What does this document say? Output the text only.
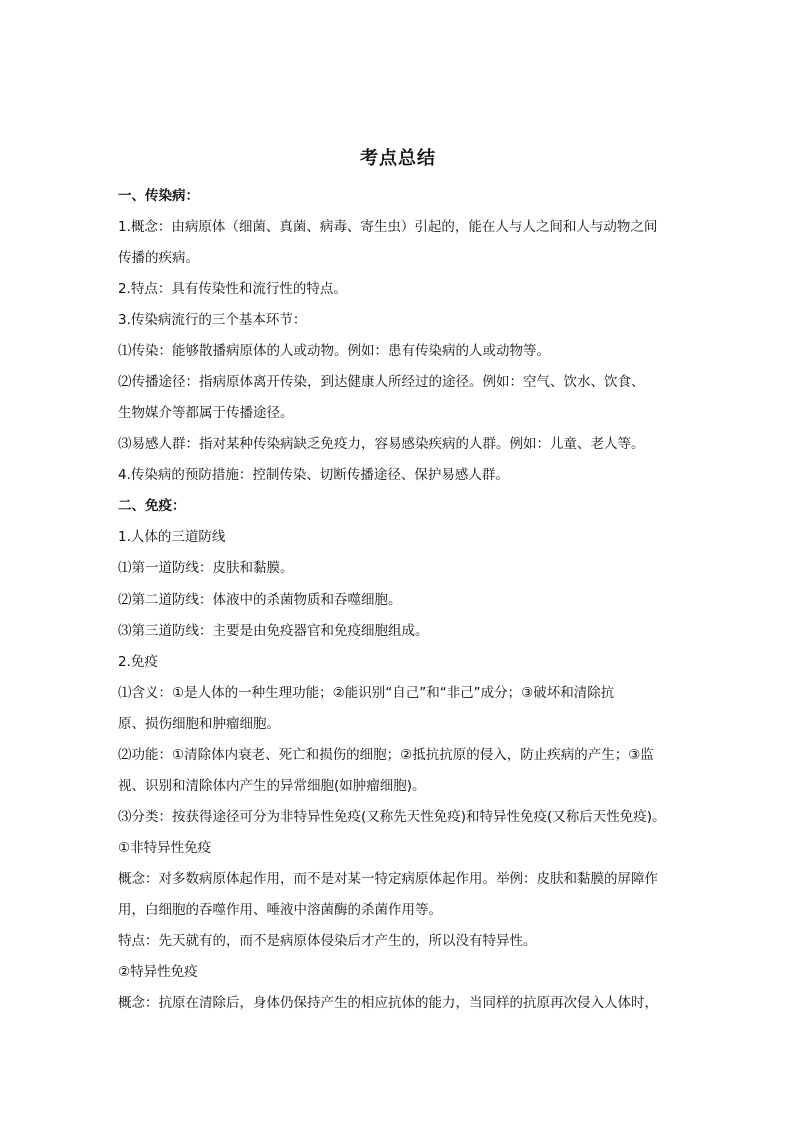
考点总结
一、传染病：
1.概念：由病原体（细菌、真菌、病毒、寄生虫）引起的，能在人与人之间和人与动物之间
传播的疾病。
2.特点：具有传染性和流行性的特点。
3.传染病流行的三个基本环节：
⑴传染：能够散播病原体的人或动物。例如：患有传染病的人或动物等。
⑵传播途径：指病原体离开传染，到达健康人所经过的途径。例如：空气、饮水、饮食、
生物媒介等都属于传播途径。
⑶易感人群：指对某种传染病缺乏免疫力，容易感染疾病的人群。例如：儿童、老人等。
4.传染病的预防措施：控制传染、切断传播途径、保护易感人群。
二、免疫：
1.人体的三道防线
⑴第一道防线：皮肤和黏膜。
⑵第二道防线：体液中的杀菌物质和吞噬细胞。
⑶第三道防线：主要是由免疫器官和免疫细胞组成。
2.免疫
⑴含义：①是人体的一种生理功能；②能识别“自己”和“非己”成分；③破坏和清除抗
原、损伤细胞和肿瘤细胞。
⑵功能：①清除体内衰老、死亡和损伤的细胞；②抵抗抗原的侵入，防止疾病的产生；③监
视、识别和清除体内产生的异常细胞(如肿瘤细胞)。
⑶分类：按获得途径可分为非特异性免疫(又称先天性免疫)和特异性免疫(又称后天性免疫)。
①非特异性免疫
概念：对多数病原体起作用，而不是对某一特定病原体起作用。举例：皮肤和黏膜的屏障作
用，白细胞的吞噬作用、唾液中溶菌酶的杀菌作用等。
特点：先天就有的，而不是病原体侵染后才产生的，所以没有特异性。
②特异性免疫
概念：抗原在清除后，身体仍保持产生的相应抗体的能力，当同样的抗原再次侵入人体时，
